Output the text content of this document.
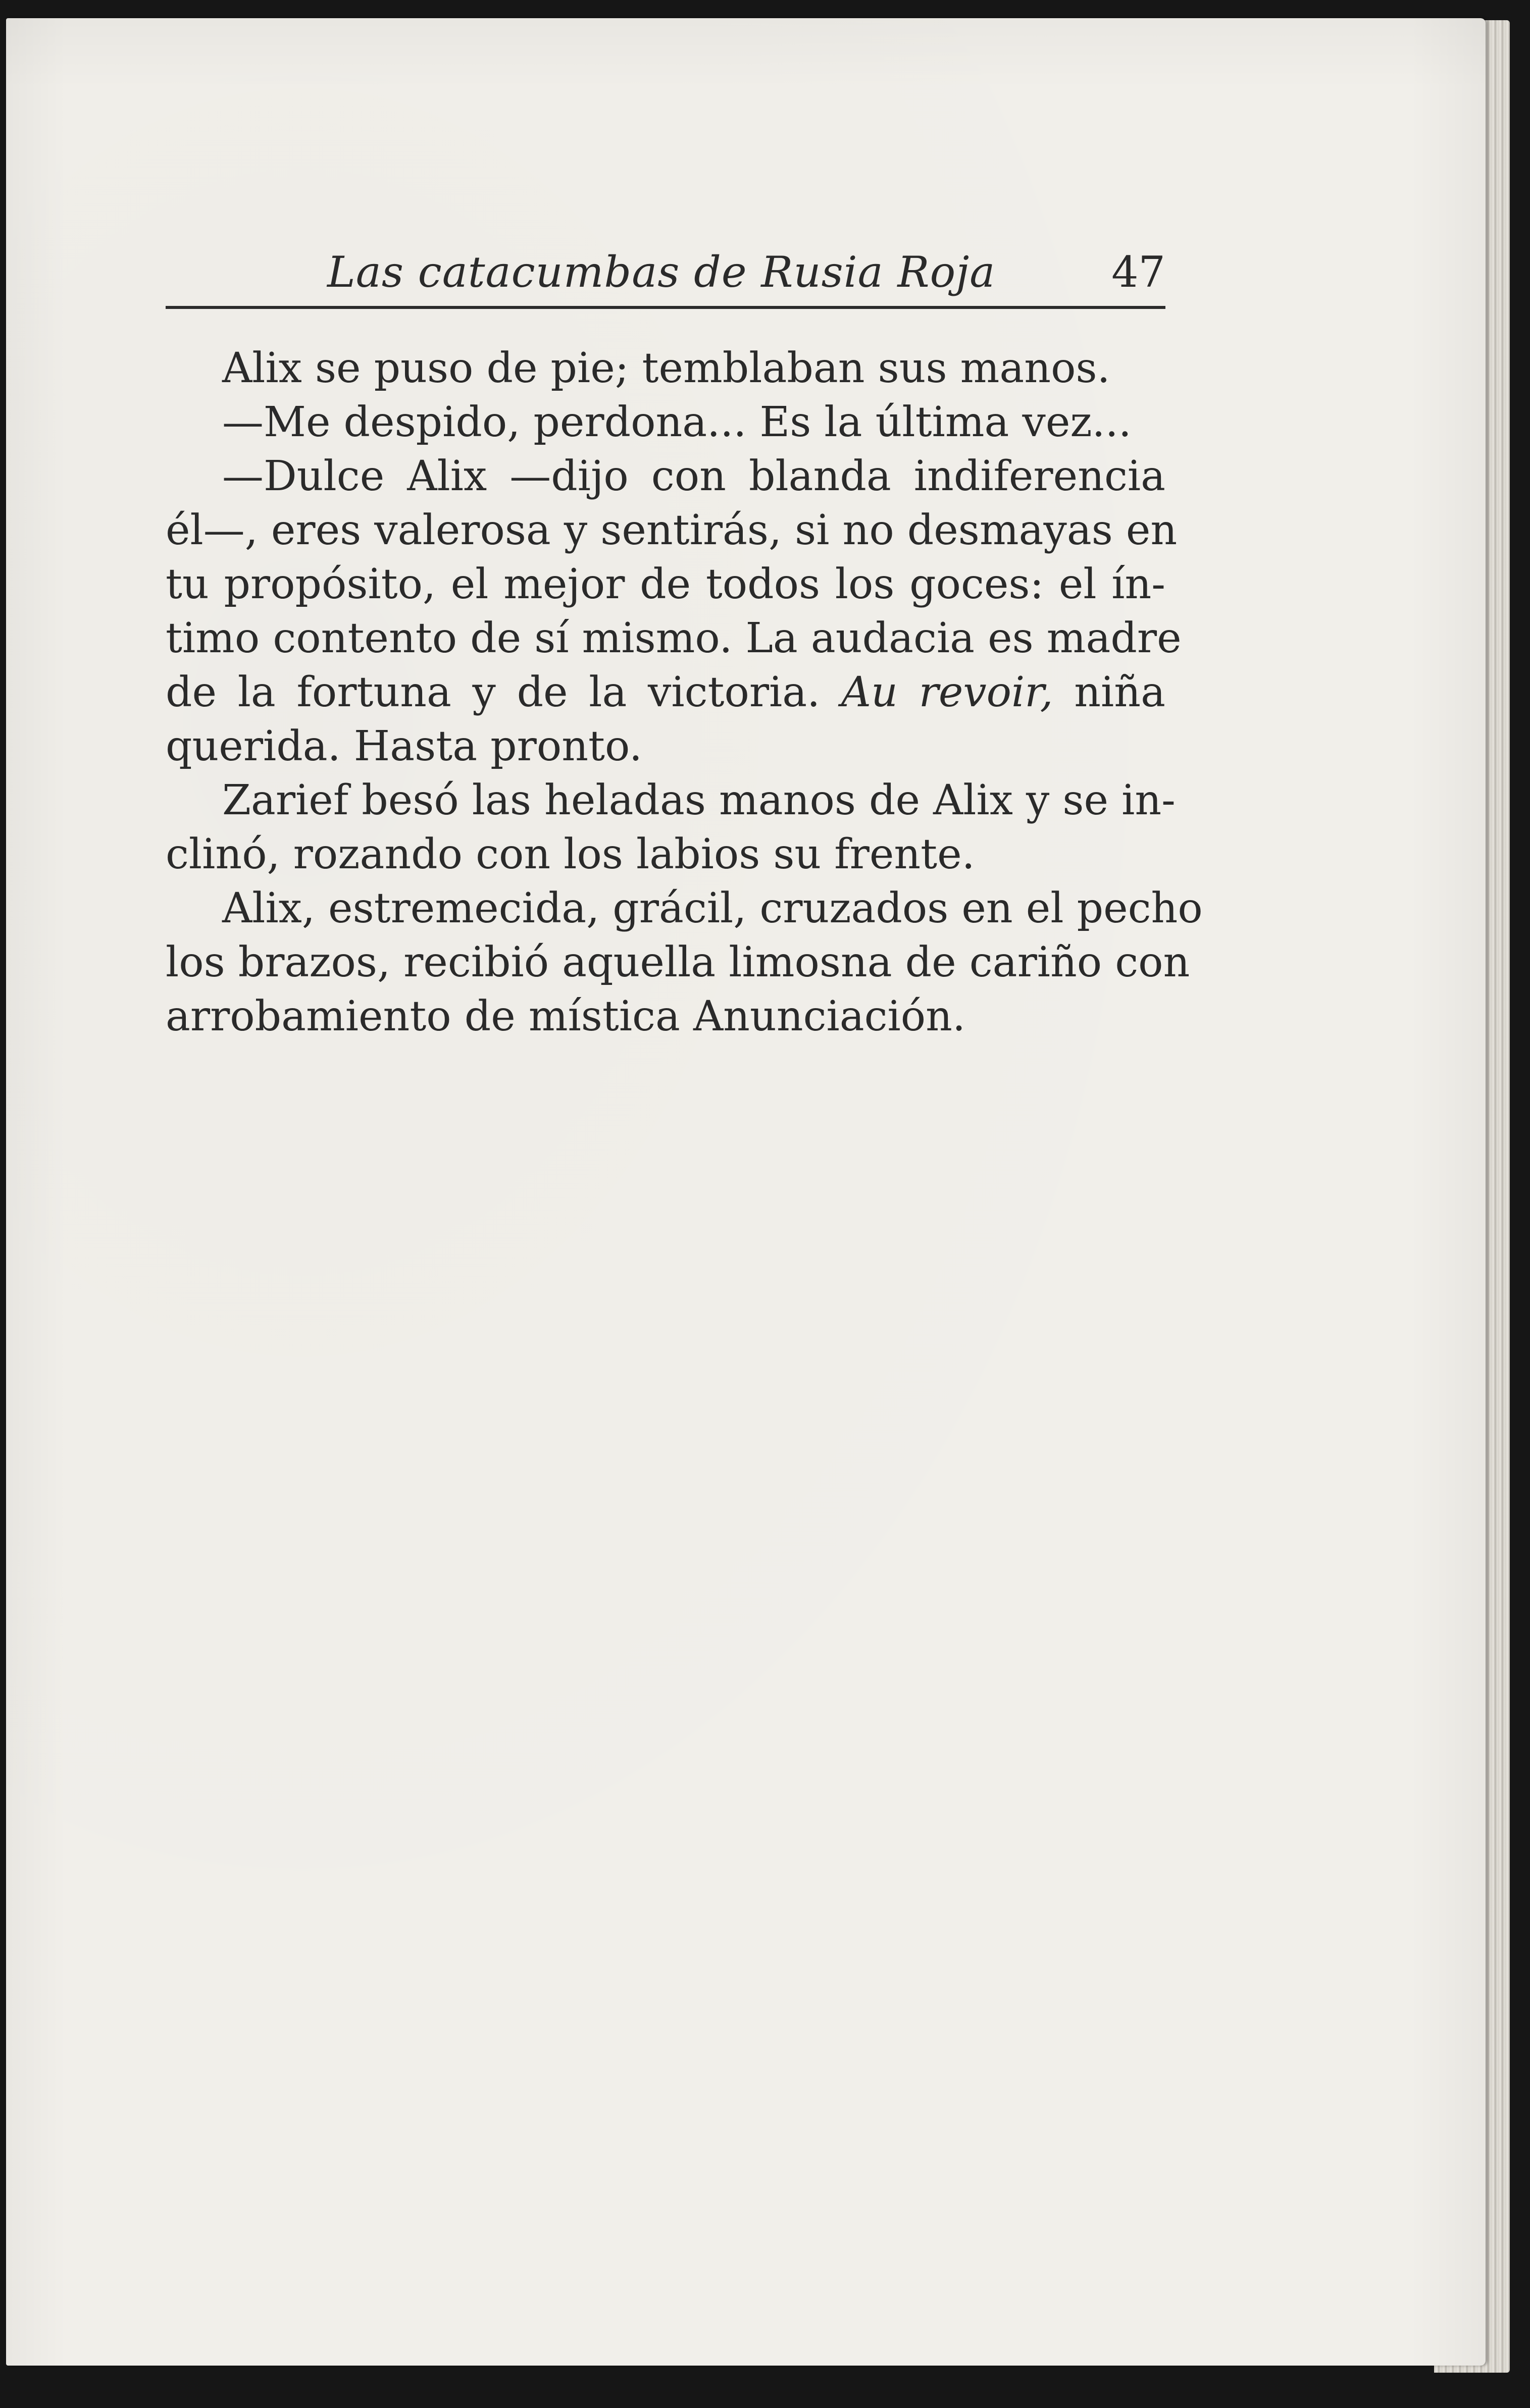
Las catacumbas de Rusia Roja	47
Alix se puso de pie; temblaban sus manos.
—Me despido, perdona... Es la última vez...
—Dulce Alix —dijo con blanda indiferencia
él—, eres valerosa y sentirás, si no desmayas en
tu propósito, el mejor de todos los goces: el ín-
timo contento de sí mismo. La audacia es madre
de la fortuna y de la victoria. Au revoir, niña
querida. Hasta pronto.
Zarief besó las heladas manos de Alix y se in-
clinó, rozando con los labios su frente.
Alix, estremecida, grácil, cruzados en el pecho
los brazos, recibió aquella limosna de cariño con
arrobamiento de mística Anunciación.
